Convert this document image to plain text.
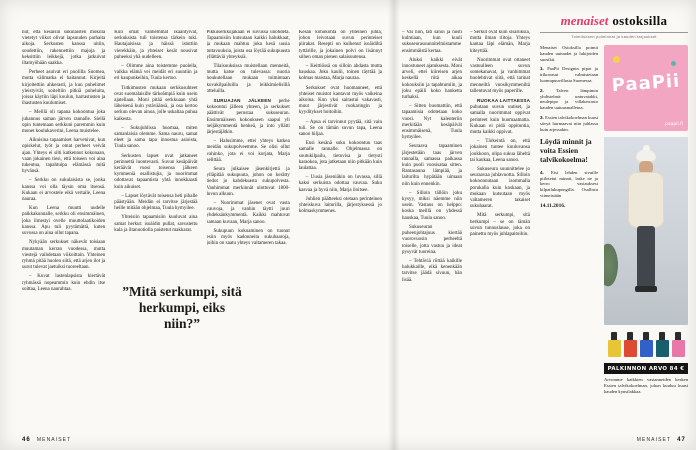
nut, että kesäisin sukulaisten mökillä vietetyt viikot olivat lapsuuden parhaita aikoja. Serkusten kanssa uitiin, soudettiin, rakennettiin majoja ja keksittiin leikkejä, jotka jatkuivat iltamyöhään saakka.

Perheet asuivat eri puolilla Suomea, mutta välimatka ei haitannut. Kirjeitä kirjoitettiin ahkerasti, ja kun puhelimet yleistyivät, soiteltiin pitkiä puheluita, joissa käytiin läpi koulun, harrastusten ja ihastusten kuulumiset.

– Meillä oli tapana kokoontua joka juhannus saman järven rannalle. Siellä opin tuntemaan serkkuni paremmin kuin monet koulukaverini, Leena muistelee.

Aikuisina tapaamiset harvenivat, kun opiskelut, työt ja omat perheet veivät ajan. Yhteys ei silti katkennut kokonaan, vaan jokainen tiesi, että toiseen voi aina tukeutua, tapahtuipa elämässä mitä hyvänsä.

– Serkku on sukulaisista se, jonka kanssa voi olla täysin oma itsensä. Kukaan ei arvostele eikä vertaile, Leena nauraa.

Kun Leena muutti uudelle paikkakunnalle, serkku oli ensimmäinen, joka ilmestyi ovelle muuttolaatikoiden kanssa. Apu tuli pyytämättä, kuten suvussa on aina ollut tapana.

Nykyään serkukset näkevät toisiaan muutaman kerran vuodessa, mutta viestejä vaihdetaan viikoittain. Yhteinen ryhmä pitää huolen siitä, että arjen ilot ja surut tulevat jaetuiksi tuoreeltaan.

– Kuvat lastenlapsista kiertävät ryhmässä nopeammin kuin ehdin itse soittaa, Leena naurahtaa.

Kun omat vanhemmat ikääntyivät, serkuksista tuli toistensa tärkein tuki. Hautajaisissa ja häissä istuttiin vierekkäin, ja yhteiset kesät nousivat puheeksi yhä uudelleen.

– Olimme aina toistemme puolella, vaikka elämä vei meidät eri suuntiin ja eri kaupunkeihin, Tuula kertoo.

Tutkimusten mukaan serkkusuhteet ovat suomalaisille tärkeämpiä kuin usein ajatellaan. Moni pitää serkkuaan yhtä läheisenä kuin ystäväänsä, ja osa kertoo serkun olevan ainoa, jolle uskaltaa puhua kaikesta.

– Sukujuhlissa huomaa, miten samanlaisia olemme. Sama nauru, samat eleet ja sama tapa innostua asioista, Tuula sanoo.

Serkusten lapset ovat jatkaneet perinnettä luontevasti. Suvun kesäpäivät keräävät vuosi toisensa jälkeen kymmeniä osallistujia, ja nuorimmat odottavat tapaamista yhtä innokkaasti kuin aikuiset.

– Lapset löytävät toisensa heti pihalle päästyään. Meidän ei tarvitse järjestää heille mitään ohjelmaa, Tuula hymyilee.

Yhteisiin tapaamisiin kuuluvat aina samat herkut: isoäidin pullat, savustettu kala ja iltanuotiolla paistetut makkarat.

Pikkuserkkujakaan ei suvussa unohdeta. Tapaamisiin kutsutaan kaikki halukkaat, ja mukaan mahtuu joka kesä uusia tuttavuuksia, joista osa löytää sukupuusta yllättäviä yhteyksiä.

Tilaisuuksissa muistellaan menneitä, mutta katse on tulevassa: nuoria houkutellaan mukaan toimintaan kuvakilpailuilla ja leikkimielisillä otteluilla.

SURUAJAN JÄLKEEN perhe kokoontui jälleen yhteen, ja serkukset päättivät perustaa sukuseuran. Ensimmäiseen kokoukseen saapui yli neljäkymmentä henkeä, ja into yllätti järjestäjätkin.

– Halusimme, ettei yhteys katkea meidän sukupolveemme. Se olisi ollut vahinko, jota ei voi korjata, Marja selittää.

Seura julkaisee jäsenkirjettä ja ylläpitää sukupuuta, johon on kerätty tiedot jo kahdeksasta sukupolvesta. Vanhimmat merkinnät ulottuvat 1800-luvun alkuun.

– Nuorimmat jäsenet ovat vasta vauvoja, ja vanhin täytti juuri yhdeksänkymmentä. Kaikki mahtuvat samaan kuvaan, Marja sanoo.

Sukupuun kokoaminen on tuonut esiin myös kadonneita sukuhaaroja, joihin on saatu yhteys valtameren takaa.

Kesän kohokohta on yhteinen juhla, johon leivotaan suvun perinteiset piirakat. Resepti on kulkenut isoäidiltä tyttärille, ja jokainen polvi on lisännyt siihen oman pienen salaisuutensa.

– Keittiössä on silloin ahdasta mutta hauskaa. Joku kaulii, toinen täyttää ja kolmas maistaa, Marja nauraa.

Serkukset ovat huomanneet, että yhteiset muistot kantavat myös vaikeina aikoina. Kun yksi sairastui vakavasti, muut järjestivät ruokaringin ja kyyditykset hoitoihin.

– Apua ei tarvinnut pyytää, sitä vain tuli. Se on tämän suvun tapa, Leena sanoo hiljaa.

Ensi kesänä suku kokoontuu taas samalle rannalle. Ohjelmassa on soutukilpailu, tietovisa ja tietysti karaokea, jota jatketaan niin pitkään kuin laulattaa.

– Uusia jäseniäkin on luvassa, sillä kaksi serkuista odottaa vauvaa. Suku kasvaa ja hyvä niin, Marja iloitsee.

Juhlien päätteeksi otetaan perinteinen yhteiskuva laiturilla, järjestyksessä jo kolmaskymmenes.

”Mitä serkumpi, sitä herkumpi, eiks niin?”
46 MENAISET

– Vai niin, täti sanoi ja nosti kulmiaan, kun kuuli sukuseurasuunnitelmistamme ensimmäistä kertaa.

Aluksi kaikki eivät innostuneet ajatuksesta. Moni arveli, ettei kiireisen arjen keskellä riitä aikaa kokouksiin ja tapahtumiin, ja joku epäili koko hanketta turhaksi.

– Sitten huomattiin, että tapaamisia odotetaan koko vuosi. Nyt kalenteriin merkitään kesäpäivät ensimmäisenä, Tuula hymyilee.

Seuraava tapaaminen järjestetään taas järven rannalla, samassa paikassa kuin puoli vuosisataa sitten. Rantasauna lämpiää, ja laiturilta hypätään uimaan niin kuin ennenkin.

– Silloin tällöin joku kysyy, miksi näemme niin usein. Vastaus on helppo: koska meillä on yhdessä hauskaa, Tuula sanoo.

Sukuseuran puheenjohtajuus kiertää vuorovuosin perheeltä toiselle, jotta vastuu ja ideat pysyvät tuoreina.

– Tehtäviä riittää kaikille halukkaille, eikä kenenkään tarvitse jäädä sivuun, hän lisää.

– Serkut ovat kuin sisaruksia, mutta ilman riitoja. Yhteys kantaa läpi elämän, Marja kiteyttää.

Nuorimmat ovat ottaneet vastuulleen suvun somekanavat, ja vanhimmat huolehtivat siitä, että tarinat menneiltä vuosikymmeniltä tallentuvat myös paperille.

RUOKAA LAITTAESSA puhutaan suvun uutiset, ja samalla nuorimmat oppivat perinteet kuin huomaamatta. Kukaan ei pidä oppituntia, mutta kaikki oppivat.

– Tärkeintä on, että jokainen tuntee kuuluvansa joukkoon, olipa sukua läheltä tai kaukaa, Leena sanoo.

Sukuseura suunnittelee jo seuraavaa juhlavuotta. Silloin kokoonnutaan isommalla porukalla kuin koskaan, ja mukaan kutsutaan myös valtameren takaiset sukuhaarat.

Mitä serkumpi, sitä herkumpi – se on tämän suvun tunnuslause, joka on painettu myös juhlapaitoihin.

menaiset ostoksilla
Toimituksen poiminnat ja kauden tarjoukset

Menaiset Ostoksilla poimii kauden uutuudet ja lukijoiden suosikit.

1. PaaPii Designin pipot ja trikooasut valmistetaan luomupuuvillasta Suomessa.

2. Talven lämpimin yhdistelmä: untuvatakki, neulepipo ja villakerrasto kauden uutuusmalleina.

3. Essien talvikokoelman kuusi sävyä hurmaavat niin juhlassa kuin arjessakin.

Löydä minnit ja voita Essien talvikokoelma!

4. Etsi lehden sivuille piilotetut minnit, laske ne ja kerro vastauksesi kilpailukupongilla. Osallistu viimeistään

14.11.2016.
PaaPii
paapii.fi
PALKINNON ARVO 84 €

Arvomme kaikkien vastanneiden kesken Essien talvikokoelman, johon kuuluu kuusi kauden kynsilakkaa.

MENAISET 47
